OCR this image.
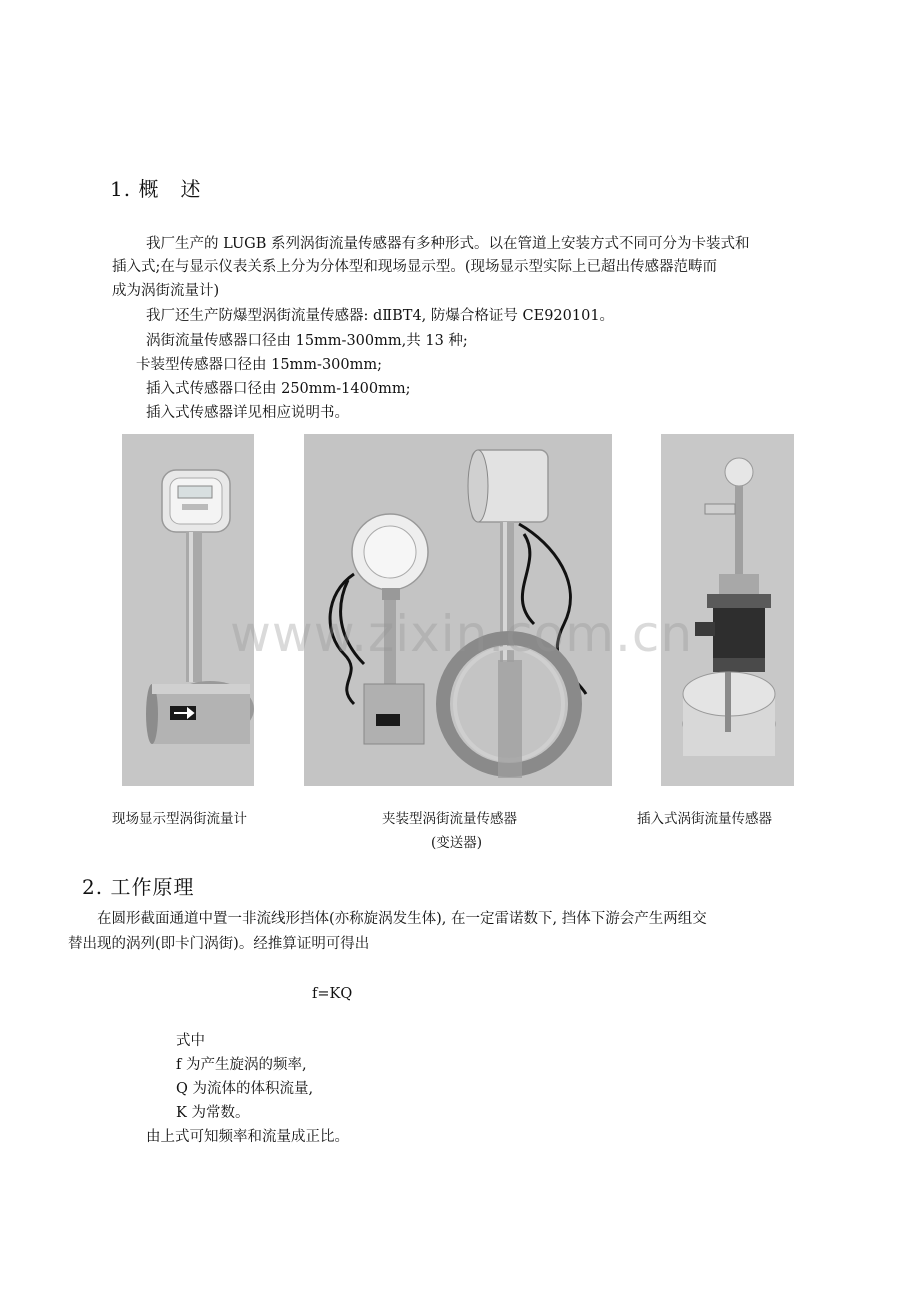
1. 概　述
我厂生产的 LUGB 系列涡街流量传感器有多种形式。以在管道上安装方式不同可分为卡装式和
插入式;在与显示仪表关系上分为分体型和现场显示型。(现场显示型实际上已超出传感器范畴而
成为涡街流量计)
我厂还生产防爆型涡街流量传感器: dⅡBT4, 防爆合格证号 CE920101。
涡街流量传感器口径由 15mm-300mm,共 13 种;
卡装型传感器口径由 15mm-300mm;
插入式传感器口径由 250mm-1400mm;
插入式传感器详见相应说明书。
www.zixin.com.cn
现场显示型涡街流量计	夹装型涡街流量传感器
(变送器)
插入式涡街流量传感器
2. 工作原理
在圆形截面通道中置一非流线形挡体(亦称旋涡发生体), 在一定雷诺数下, 挡体下游会产生两组交
替出现的涡列(即卡门涡街)。经推算证明可得出
f=KQ
式中
f 为产生旋涡的频率,
Q 为流体的体积流量,
K 为常数。
由上式可知频率和流量成正比。
